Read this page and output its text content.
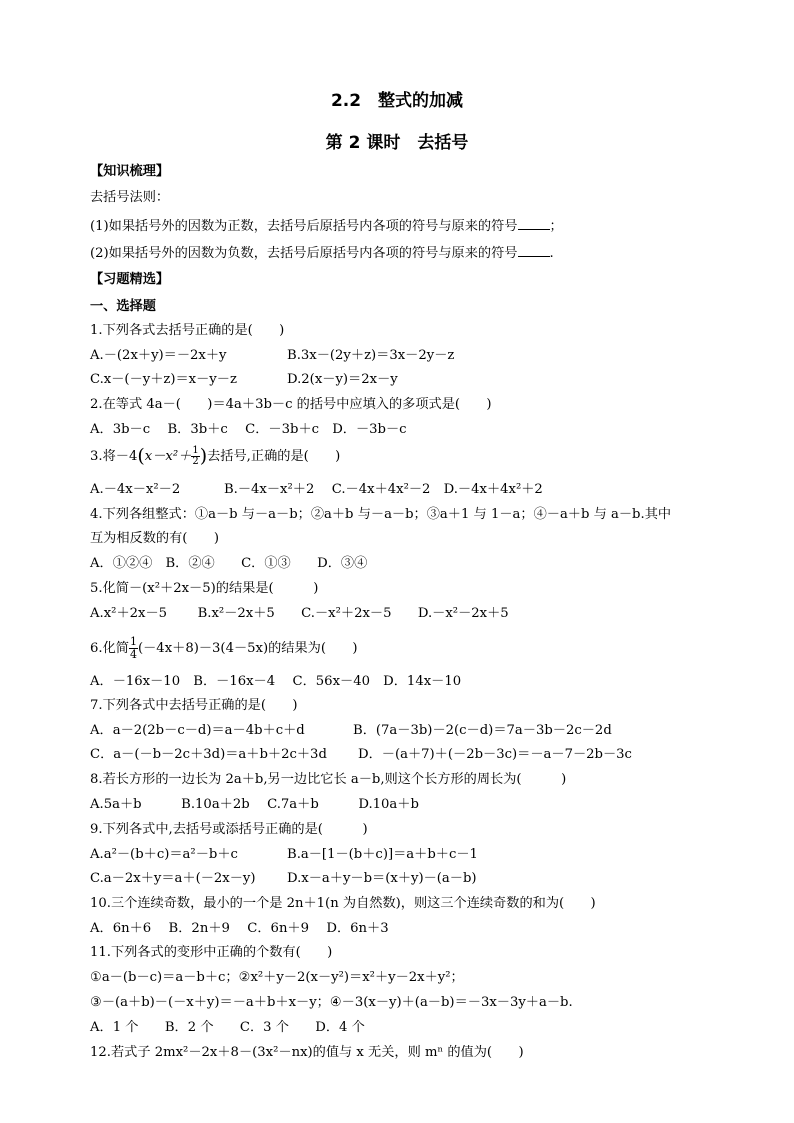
2.2　整式的加减
第 2 课时　去括号
【知识梳理】
去括号法则：
(1)如果括号外的因数为正数，去括号后原括号内各项的符号与原来的符号 ；
(2)如果括号外的因数为负数，去括号后原括号内各项的符号与原来的符号 .
【习题精选】
一、选择题
1.下列各式去括号正确的是(　　)
A.－(2x＋y)＝－2x＋y	B.3x－(2y＋z)＝3x－2y－z
C.x－(－y＋z)＝x－y－z	D.2(x－y)＝2x－y
2.在等式 4a－(　　)＝4a＋3b－c 的括号中应填入的多项式是(　　)
A．3b－c　 B．3b＋c　 C．－3b＋c　D．－3b－c
3.将$-4(x-x^2+ \frac{1}{2}$ )去括号,正确的是(　　)
A.－4x－x²－2　　　 B.－4x－x²＋2　 C.－4x＋4x²－2　D.－4x＋4x²＋2
4.下列各组整式：①a－b 与－a－b；②a＋b 与－a－b；③a＋1 与 1－a；④－a＋b 与 a－b.其中
互为相反数的有(　　)
A．①②④　B．②④　　C．①③　　D．③④
5.化简－(x²＋2x－5)的结果是(　　　)
A.x²＋2x－5　　 B.x²－2x＋5　　C.－x²＋2x－5　　D.－x²－2x＋5
6.化简 $\frac{1}{4} (-4x+8)-3(4-5x)$的结果为(　　)
A．－16x－10　B．－16x－4　 C．56x－40　D．14x－10
7.下列各式中去括号正确的是(　　)
A．a－2(2b－c－d)＝a－4b＋c＋d	B．(7a－3b)－2(c－d)＝7a－3b－2c－2d
C．a－(－b－2c＋3d)＝a＋b＋2c＋3d D．－(a＋7)＋(－2b－3c)＝－a－7－2b－3c
8.若长方形的一边长为 2a＋b,另一边比它长 a－b,则这个长方形的周长为(　　　)
A.5a＋b　　　B.10a＋2b　 C.7a＋b　　　D.10a＋b
9.下列各式中,去括号或添括号正确的是(　　　)
A.a²－(b＋c)＝a²－b＋c	B.a－[1－(b＋c)]＝a＋b＋c－1
C.a－2x＋y＝a＋(－2x－y) D.x－a＋y－b＝(x＋y)－(a－b)
10.三个连续奇数，最小的一个是 2n＋1(n 为自然数)，则这三个连续奇数的和为(　　)
A．6n＋6　 B．2n＋9　 C．6n＋9　 D．6n＋3
11.下列各式的变形中正确的个数有(　　)
①a－(b－c)＝a－b＋c；②x²＋y－2(x－y²)＝x²＋y－2x＋y²；
③－(a＋b)－(－x＋y)＝－a＋b＋x－y；④－3(x－y)＋(a－b)＝－3x－3y＋a－b.
A．1 个　　B．2 个　　C．3 个　　D．4 个
12.若式子 2mx²－2x＋8－(3x²－nx)的值与 x 无关，则 mⁿ 的值为(　　)
